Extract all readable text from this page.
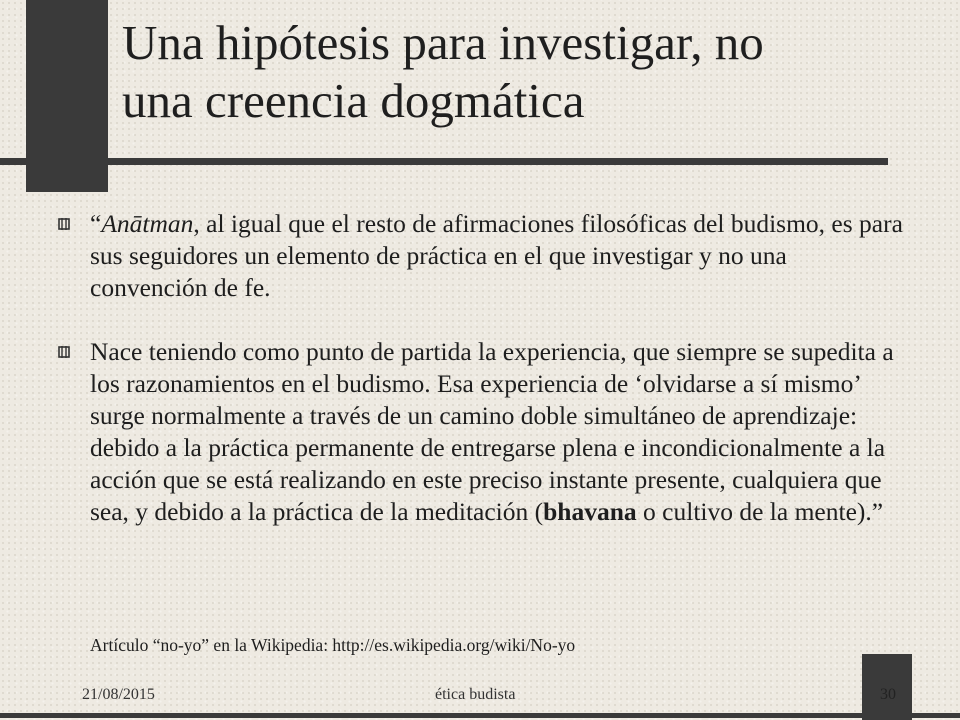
Una hipótesis para investigar, no
una creencia dogmática
“Anātman, al igual que el resto de afirmaciones filosóficas del budismo, es para sus seguidores un elemento de práctica en el que investigar y no una convención de fe.
Nace teniendo como punto de partida la experiencia, que siempre se supedita a los razonamientos en el budismo. Esa experiencia de ‘olvidarse a sí mismo’ surge normalmente a través de un camino doble simultáneo de aprendizaje: debido a la práctica permanente de entregarse plena e incondicionalmente a la acción que se está realizando en este preciso instante presente, cualquiera que sea, y debido a la práctica de la meditación (bhavana o cultivo de la mente).”
Artículo “no-yo” en la Wikipedia: http://es.wikipedia.org/wiki/No-yo
21/08/2015	ética budista	30
